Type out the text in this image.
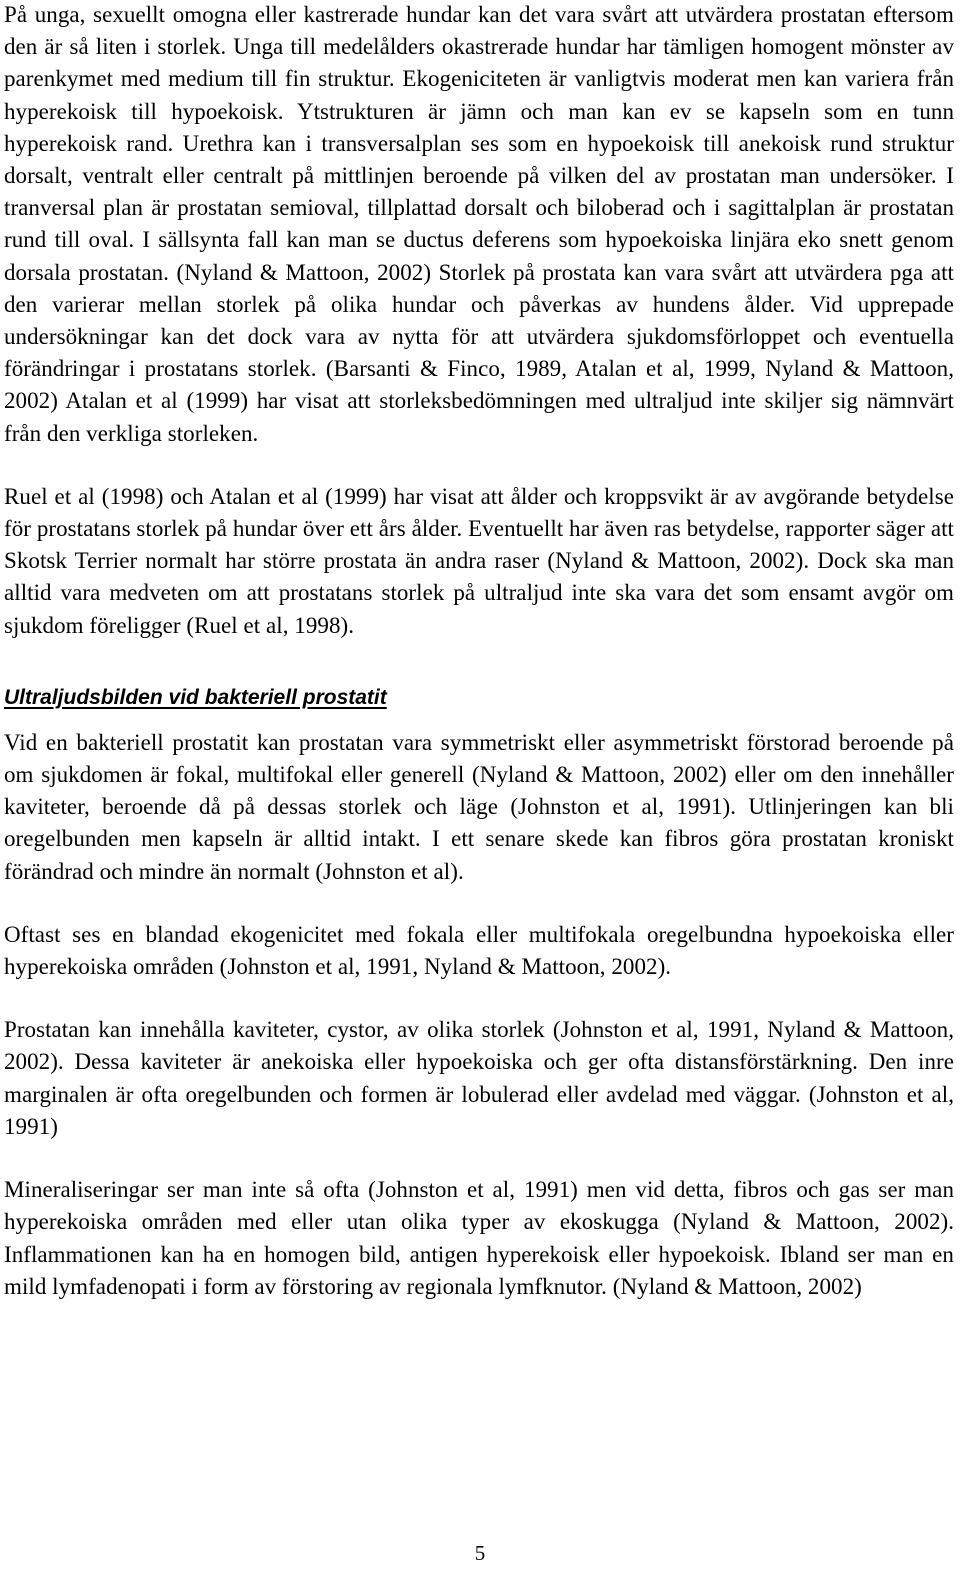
På unga, sexuellt omogna eller kastrerade hundar kan det vara svårt att utvärdera prostatan eftersom den är så liten i storlek. Unga till medelålders okastrerade hundar har tämligen homogent mönster av parenkymet med medium till fin struktur. Ekogeniciteten är vanligtvis moderat men kan variera från hyperekoisk till hypoekoisk. Ytstrukturen är jämn och man kan ev se kapseln som en tunn hyperekoisk rand. Urethra kan i transversalplan ses som en hypoekoisk till anekoisk rund struktur dorsalt, ventralt eller centralt på mittlinjen beroende på vilken del av prostatan man undersöker. I tranversal plan är prostatan semioval, tillplattad dorsalt och biloberad och i sagittalplan är prostatan rund till oval. I sällsynta fall kan man se ductus deferens som hypoekoiska linjära eko snett genom dorsala prostatan. (Nyland & Mattoon, 2002) Storlek på prostata kan vara svårt att utvärdera pga att den varierar mellan storlek på olika hundar och påverkas av hundens ålder. Vid upprepade undersökningar kan det dock vara av nytta för att utvärdera sjukdomsförloppet och eventuella förändringar i prostatans storlek. (Barsanti & Finco, 1989, Atalan et al, 1999, Nyland & Mattoon, 2002) Atalan et al (1999) har visat att storleksbedömningen med ultraljud inte skiljer sig nämnvärt från den verkliga storleken.

Ruel et al (1998) och Atalan et al (1999) har visat att ålder och kroppsvikt är av avgörande betydelse för prostatans storlek på hundar över ett års ålder. Eventuellt har även ras betydelse, rapporter säger att Skotsk Terrier normalt har större prostata än andra raser (Nyland & Mattoon, 2002). Dock ska man alltid vara medveten om att prostatans storlek på ultraljud inte ska vara det som ensamt avgör om sjukdom föreligger (Ruel et al, 1998).

Ultraljudsbilden vid bakteriell prostatit

Vid en bakteriell prostatit kan prostatan vara symmetriskt eller asymmetriskt förstorad beroende på om sjukdomen är fokal, multifokal eller generell (Nyland & Mattoon, 2002) eller om den innehåller kaviteter, beroende då på dessas storlek och läge (Johnston et al, 1991). Utlinjeringen kan bli oregelbunden men kapseln är alltid intakt. I ett senare skede kan fibros göra prostatan kroniskt förändrad och mindre än normalt (Johnston et al).

Oftast ses en blandad ekogenicitet med fokala eller multifokala oregelbundna hypoekoiska eller hyperekoiska områden (Johnston et al, 1991, Nyland & Mattoon, 2002).

Prostatan kan innehålla kaviteter, cystor, av olika storlek (Johnston et al, 1991, Nyland & Mattoon, 2002). Dessa kaviteter är anekoiska eller hypoekoiska och ger ofta distansförstärkning. Den inre marginalen är ofta oregelbunden och formen är lobulerad eller avdelad med väggar. (Johnston et al, 1991)

Mineraliseringar ser man inte så ofta (Johnston et al, 1991) men vid detta, fibros och gas ser man hyperekoiska områden med eller utan olika typer av ekoskugga (Nyland & Mattoon, 2002). Inflammationen kan ha en homogen bild, antigen hyperekoisk eller hypoekoisk. Ibland ser man en mild lymfadenopati i form av förstoring av regionala lymfknutor. (Nyland & Mattoon, 2002)

5
